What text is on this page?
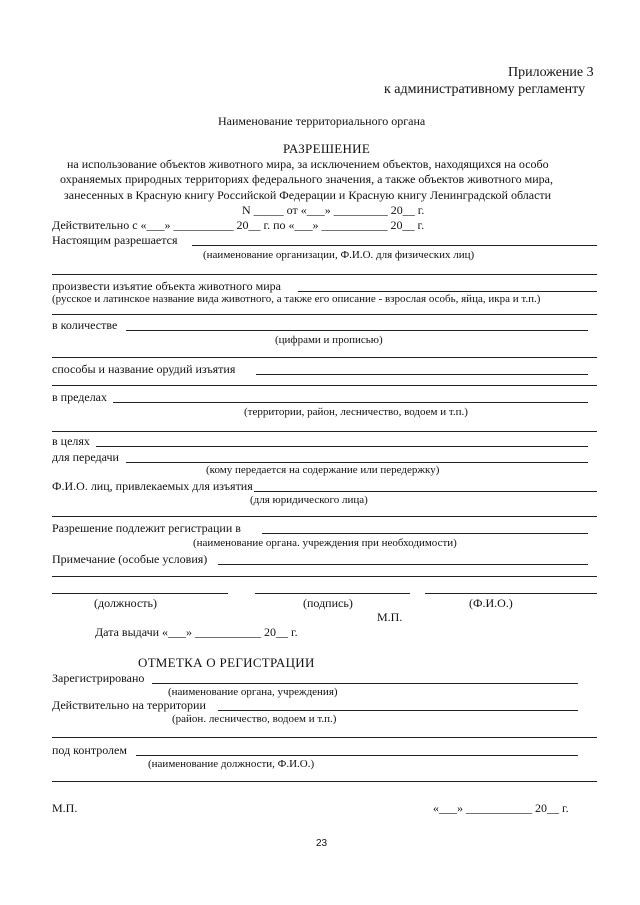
Приложение 3
к административному регламенту
Наименование территориального органа
РАЗРЕШЕНИЕ
на использование объектов животного мира, за исключением объектов, находящихся на особо
охраняемых природных территориях федерального значения, а также объектов животного мира,
занесенных в Красную книгу Российской Федерации и Красную книгу Ленинградской области
N _____ от «___» _________ 20__ г.
Действительно с «___» __________ 20__ г. по «___» ___________ 20__ г.
Настоящим разрешается
(наименование организации, Ф.И.О. для физических лиц)
произвести изъятие объекта животного мира
(русское и латинское название вида животного, а также его описание - взрослая особь, яйца, икра и т.п.)
в количестве
(цифрами и прописью)
способы и название орудий изъятия
в пределах
(территории, район, лесничество, водоем и т.п.)
в целях
для передачи
(кому передается на содержание или передержку)
Ф.И.О. лиц, привлекаемых для изъятия
(для юридического лица)
Разрешение подлежит регистрации в
(наименование органа. учреждения при необходимости)
Примечание (особые условия)
(должность)	(подпись)	(Ф.И.О.)
М.П.
Дата выдачи «___» ___________ 20__ г.
ОТМЕТКА О РЕГИСТРАЦИИ
Зарегистрировано
(наименование органа, учреждения)
Действительно на территории
(район. лесничество, водоем и т.п.)
под контролем
(наименование должности, Ф.И.О.)
М.П.	«___» ___________ 20__ г.
23
